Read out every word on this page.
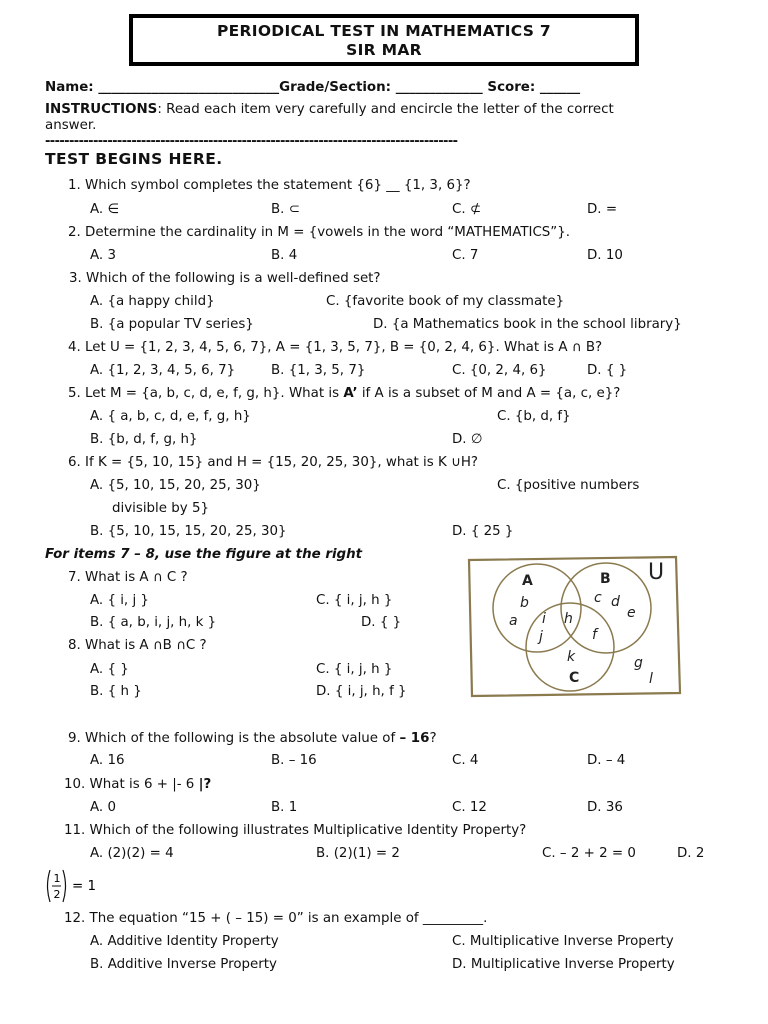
PERIODICAL TEST IN MATHEMATICS 7
SIR MAR
Name: ___________________________Grade/Section: _____________ Score: ______
INSTRUCTIONS: Read each item very carefully and encircle the letter of the correct
answer.
--------------------------------------------------------------------------------------
TEST BEGINS HERE.
1. Which symbol completes the statement {6} __ {1, 3, 6}?
A. ∈	B. ⊂	C. ⊄	D. =
2. Determine the cardinality in M = {vowels in the word “MATHEMATICS”}.
A. 3	B. 4	C. 7	D. 10
3. Which of the following is a well-defined set?
A. {a happy child}	C. {favorite book of my classmate}
B. {a popular TV series}	D. {a Mathematics book in the school library}
4. Let U = {1, 2, 3, 4, 5, 6, 7}, A = {1, 3, 5, 7}, B = {0, 2, 4, 6}. What is A ∩ B?
A. {1, 2, 3, 4, 5, 6, 7}	B. {1, 3, 5, 7}	C. {0, 2, 4, 6}	D. { }
5. Let M = {a, b, c, d, e, f, g, h}. What is A’ if A is a subset of M and A = {a, c, e}?
A. { a, b, c, d, e, f, g, h}	C. {b, d, f}
B. {b, d, f, g, h}	D. ∅
6. If K = {5, 10, 15} and H = {15, 20, 25, 30}, what is K ∪H?
A. {5, 10, 15, 20, 25, 30}	C. {positive numbers
divisible by 5}
B. {5, 10, 15, 15, 20, 25, 30}	D. { 25 }
For items 7 – 8, use the figure at the right
7. What is A ∩ C ?
A. { i, j }	C. { i, j, h }
B. { a, b, i, j, h, k }	D. { }
8. What is A ∩B ∩C ?
A. { }	C. { i, j, h }
B. { h }	D. { i, j, h, f }
U
A	B
C
b
a i
j
h
c d
e
f
k	g
l
9. Which of the following is the absolute value of – 16?
A. 16	B. – 16	C. 4	D. – 4
10. What is 6 + |- 6 |?
A. 0	B. 1	C. 12	D. 36
11. Which of the following illustrates Multiplicative Identity Property?
A. (2)(2) = 4	B. (2)(1) = 2	C. – 2 + 2 = 0	D. 2
1
2
= 1
12. The equation “15 + ( – 15) = 0” is an example of _________.
A. Additive Identity Property	C. Multiplicative Inverse Property
B. Additive Inverse Property	D. Multiplicative Inverse Property
